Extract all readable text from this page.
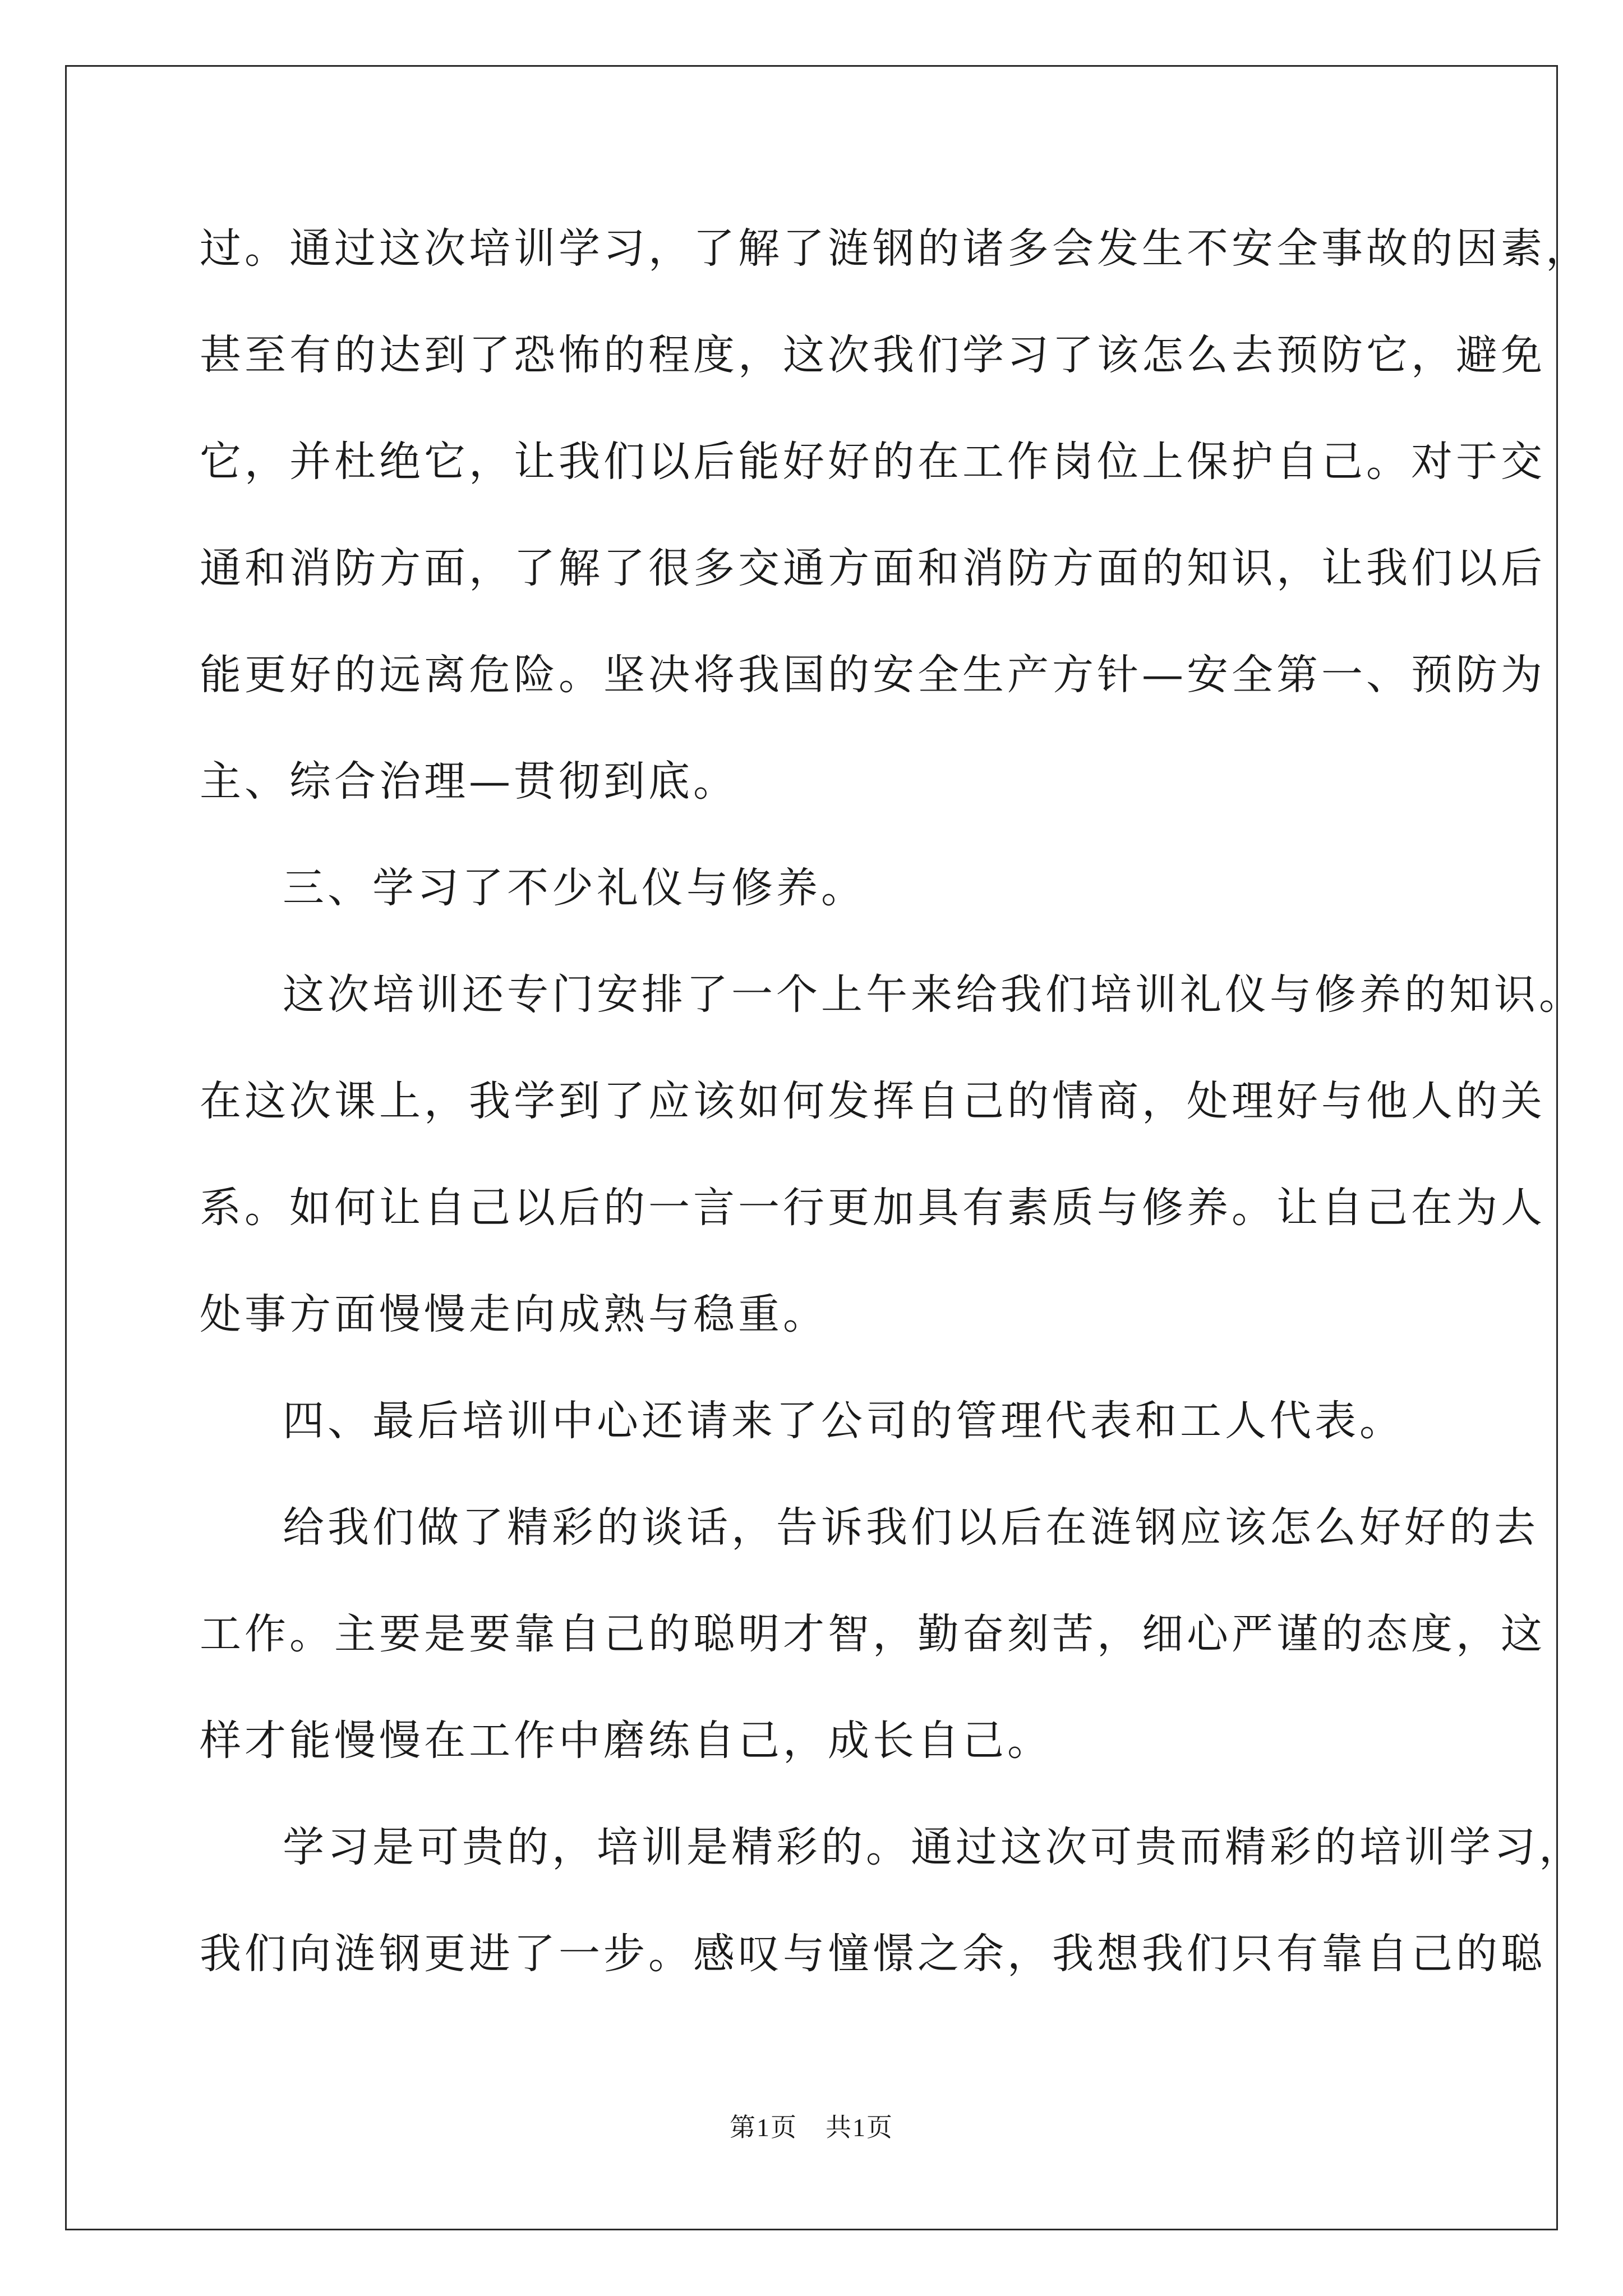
过。通过这次培训学习，了解了涟钢的诸多会发生不安全事故的因素，

甚至有的达到了恐怖的程度，这次我们学习了该怎么去预防它，避免

它，并杜绝它，让我们以后能好好的在工作岗位上保护自己。对于交

通和消防方面，了解了很多交通方面和消防方面的知识，让我们以后

能更好的远离危险。坚决将我国的安全生产方针—安全第一、预防为

主、综合治理—贯彻到底。

三、学习了不少礼仪与修养。

这次培训还专门安排了一个上午来给我们培训礼仪与修养的知识。

在这次课上，我学到了应该如何发挥自己的情商，处理好与他人的关

系。如何让自己以后的一言一行更加具有素质与修养。让自己在为人

处事方面慢慢走向成熟与稳重。

四、最后培训中心还请来了公司的管理代表和工人代表。

给我们做了精彩的谈话，告诉我们以后在涟钢应该怎么好好的去

工作。主要是要靠自己的聪明才智，勤奋刻苦，细心严谨的态度，这

样才能慢慢在工作中磨练自己，成长自己。

学习是可贵的，培训是精彩的。通过这次可贵而精彩的培训学习，

我们向涟钢更进了一步。感叹与憧憬之余，我想我们只有靠自己的聪

第1页 共1页
